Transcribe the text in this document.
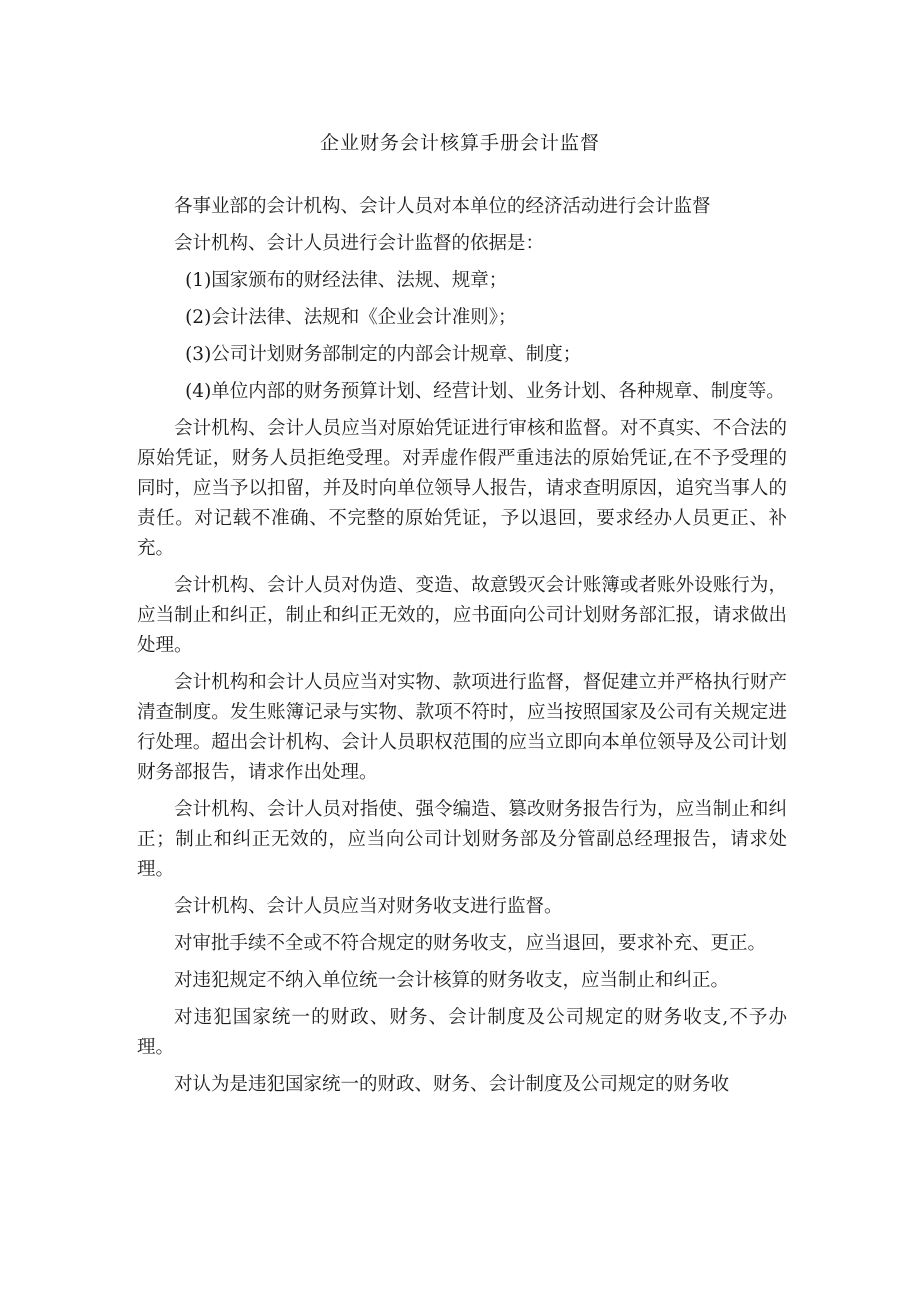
企业财务会计核算手册会计监督

各事业部的会计机构、会计人员对本单位的经济活动进行会计监督

会计机构、会计人员进行会计监督的依据是：

(1)国家颁布的财经法律、法规、规章；

(2)会计法律、法规和《企业会计准则》；

(3)公司计划财务部制定的内部会计规章、制度；

(4)单位内部的财务预算计划、经营计划、业务计划、各种规章、制度等。

会计机构、会计人员应当对原始凭证进行审核和监督。对不真实、不合法的原始凭证，财务人员拒绝受理。对弄虚作假严重违法的原始凭证,在不予受理的同时，应当予以扣留，并及时向单位领导人报告，请求查明原因，追究当事人的责任。对记载不准确、不完整的原始凭证，予以退回，要求经办人员更正、补充。

会计机构、会计人员对伪造、变造、故意毁灭会计账簿或者账外设账行为，应当制止和纠正，制止和纠正无效的，应书面向公司计划财务部汇报，请求做出处理。

会计机构和会计人员应当对实物、款项进行监督，督促建立并严格执行财产清查制度。发生账簿记录与实物、款项不符时，应当按照国家及公司有关规定进行处理。超出会计机构、会计人员职权范围的应当立即向本单位领导及公司计划财务部报告，请求作出处理。

会计机构、会计人员对指使、强令编造、篡改财务报告行为，应当制止和纠正；制止和纠正无效的，应当向公司计划财务部及分管副总经理报告，请求处理。

会计机构、会计人员应当对财务收支进行监督。

对审批手续不全或不符合规定的财务收支，应当退回，要求补充、更正。

对违犯规定不纳入单位统一会计核算的财务收支，应当制止和纠正。

对违犯国家统一的财政、财务、会计制度及公司规定的财务收支,不予办理。

对认为是违犯国家统一的财政、财务、会计制度及公司规定的财务收
